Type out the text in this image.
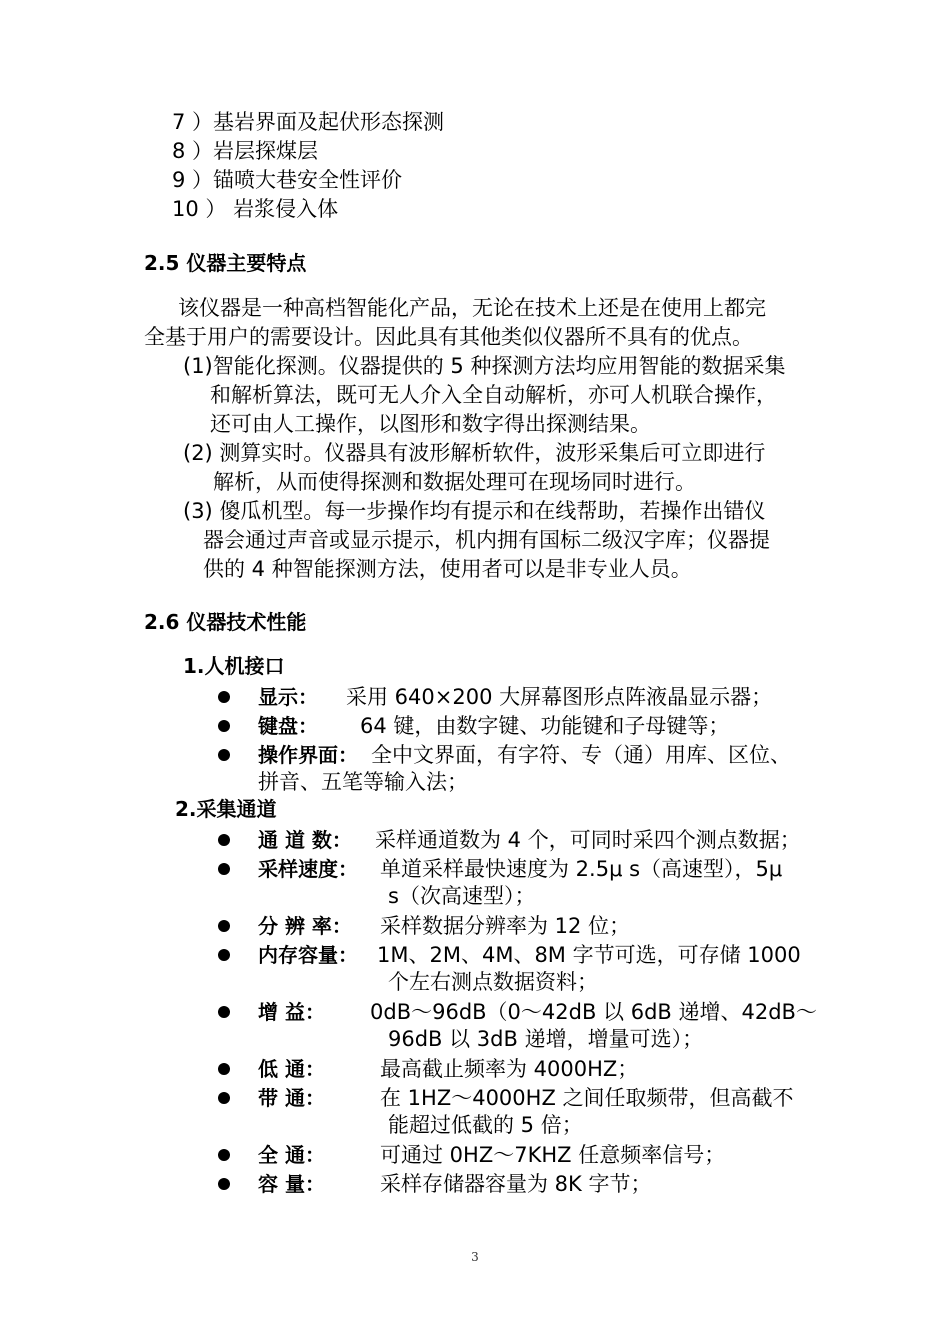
7 ）基岩界面及起伏形态探测
8 ）岩层探煤层
9 ）锚喷大巷安全性评价
10 ） 岩浆侵入体
2.5 仪器主要特点
该仪器是一种高档智能化产品，无论在技术上还是在使用上都完
全基于用户的需要设计。因此具有其他类似仪器所不具有的优点。
(1)智能化探测。仪器提供的 5 种探测方法均应用智能的数据采集
和解析算法，既可无人介入全自动解析，亦可人机联合操作，
还可由人工操作，以图形和数字得出探测结果。
(2) 测算实时。仪器具有波形解析软件，波形采集后可立即进行
解析，从而使得探测和数据处理可在现场同时进行。
(3) 傻瓜机型。每一步操作均有提示和在线帮助，若操作出错仪
器会通过声音或显示提示，机内拥有国标二级汉字库；仪器提
供的 4 种智能探测方法，使用者可以是非专业人员。
2.6 仪器技术性能
1.人机接口
显示： 采用 640×200 大屏幕图形点阵液晶显示器；
键盘： 64 键，由数字键、功能键和子母键等；
操作界面： 全中文界面，有字符、专（通）用库、区位、
拼音、五笔等输入法；
2.采集通道
通 道 数： 采样通道数为 4 个，可同时采四个测点数据；
采样速度： 单道采样最快速度为 2.5μ s（高速型），5μ
s（次高速型）；
分 辨 率： 采样数据分辨率为 12 位；
内存容量： 1M、2M、4M、8M 字节可选，可存储 1000
个左右测点数据资料；
增 益： 0dB～96dB（0～42dB 以 6dB 递增、42dB～
96dB 以 3dB 递增，增量可选）；
低 通：	最高截止频率为 4000HZ；
带 通：	在 1HZ～4000HZ 之间任取频带，但高截不
能超过低截的 5 倍；
全 通：	可通过 0HZ～7KHZ 任意频率信号；
容 量：	采样存储器容量为 8K 字节；
3
